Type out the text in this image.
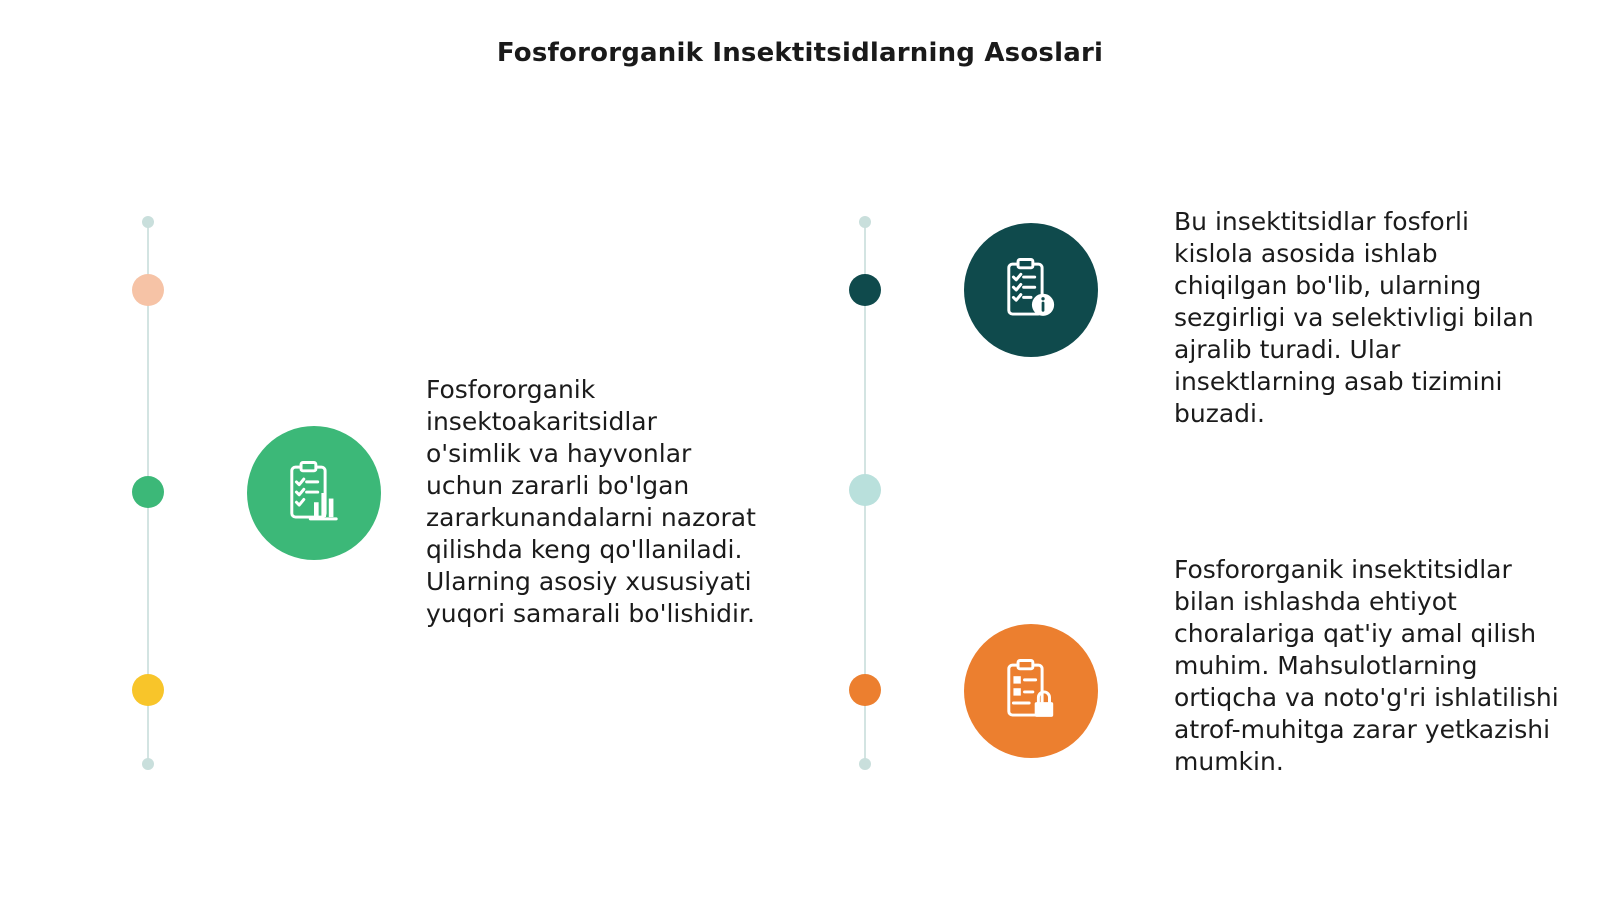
Fosfororganik Insektitsidlarning Asoslari
Fosfororganik insektoakaritsidlar o'simlik va hayvonlar uchun zararli bo'lgan zararkunandalarni nazorat qilishda keng qo'llaniladi. Ularning asosiy xususiyati yuqori samarali bo'lishidir.
Bu insektitsidlar fosforli kislola asosida ishlab chiqilgan bo'lib, ularning sezgirligi va selektivligi bilan ajralib turadi. Ular insektlarning asab tizimini buzadi.
Fosfororganik insektitsidlar bilan ishlashda ehtiyot choralariga qat'iy amal qilish muhim. Mahsulotlarning ortiqcha va noto'g'ri ishlatilishi atrof-muhitga zarar yetkazishi mumkin.
